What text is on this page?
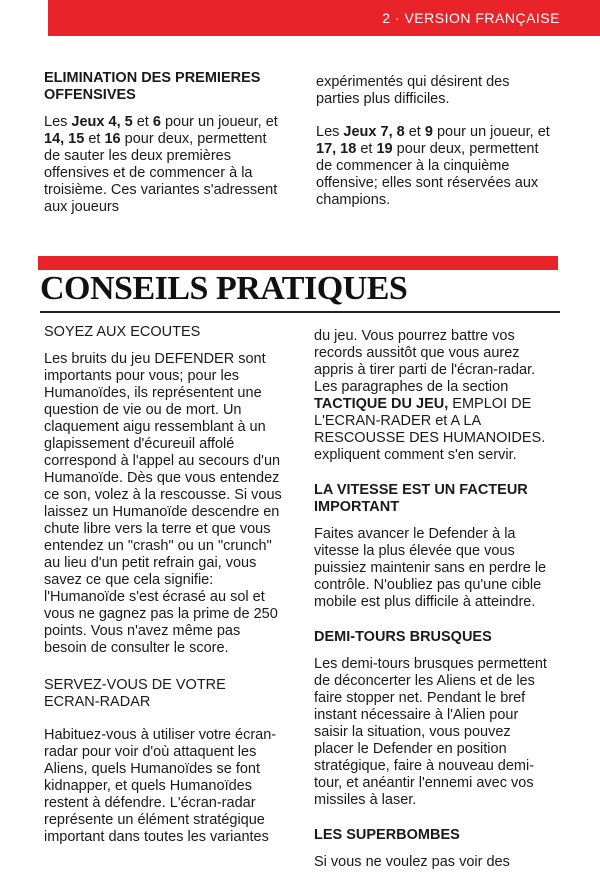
2 · VERSION FRANÇAISE
ELIMINATION DES PREMIERES OFFENSIVES

Les Jeux 4, 5 et 6 pour un joueur, et 14, 15 et 16 pour deux, permettent de sauter les deux premières offensives et de commencer à la troisième. Ces variantes s'adressent aux joueurs

expérimentés qui désirent des parties plus difficiles.

Les Jeux 7, 8 et 9 pour un joueur, et 17, 18 et 19 pour deux, permettent de commencer à la cinquième offensive; elles sont réservées aux champions.

CONSEILS PRATIQUES
SOYEZ AUX ECOUTES

Les bruits du jeu DEFENDER sont importants pour vous; pour les Humanoïdes, ils représentent une question de vie ou de mort. Un claquement aigu ressemblant à un glapissement d'écureuil affolé correspond à l'appel au secours d'un Humanoïde. Dès que vous entendez ce son, volez à la rescousse. Si vous laissez un Humanoïde descendre en chute libre vers la terre et que vous entendez un "crash" ou un "crunch" au lieu d'un petit refrain gai, vous savez ce que cela signifie: l'Humanoïde s'est écrasé au sol et vous ne gagnez pas la prime de 250 points. Vous n'avez même pas besoin de consulter le score.

SERVEZ-VOUS DE VOTRE ECRAN-RADAR

Habituez-vous à utiliser votre écran-radar pour voir d'où attaquent les Aliens, quels Humanoïdes se font kidnapper, et quels Humanoïdes restent à défendre. L'écran-radar représente un élément stratégique important dans toutes les variantes

du jeu. Vous pourrez battre vos records aussitôt que vous aurez appris à tirer parti de l'écran-radar. Les paragraphes de la section TACTIQUE DU JEU, EMPLOI DE L'ECRAN-RADER et A LA RESCOUSSE DES HUMANOIDES. expliquent comment s'en servir.

LA VITESSE EST UN FACTEUR IMPORTANT

Faites avancer le Defender à la vitesse la plus élevée que vous puissiez maintenir sans en perdre le contrôle. N'oubliez pas qu'une cible mobile est plus difficile à atteindre.

DEMI-TOURS BRUSQUES

Les demi-tours brusques permettent de déconcerter les Aliens et de les faire stopper net. Pendant le bref instant nécessaire à l'Alien pour saisir la situation, vous pouvez placer le Defender en position stratégique, faire à nouveau demi-tour, et anéantir l'ennemi avec vos missiles à laser.

LES SUPERBOMBES

Si vous ne voulez pas voir des
